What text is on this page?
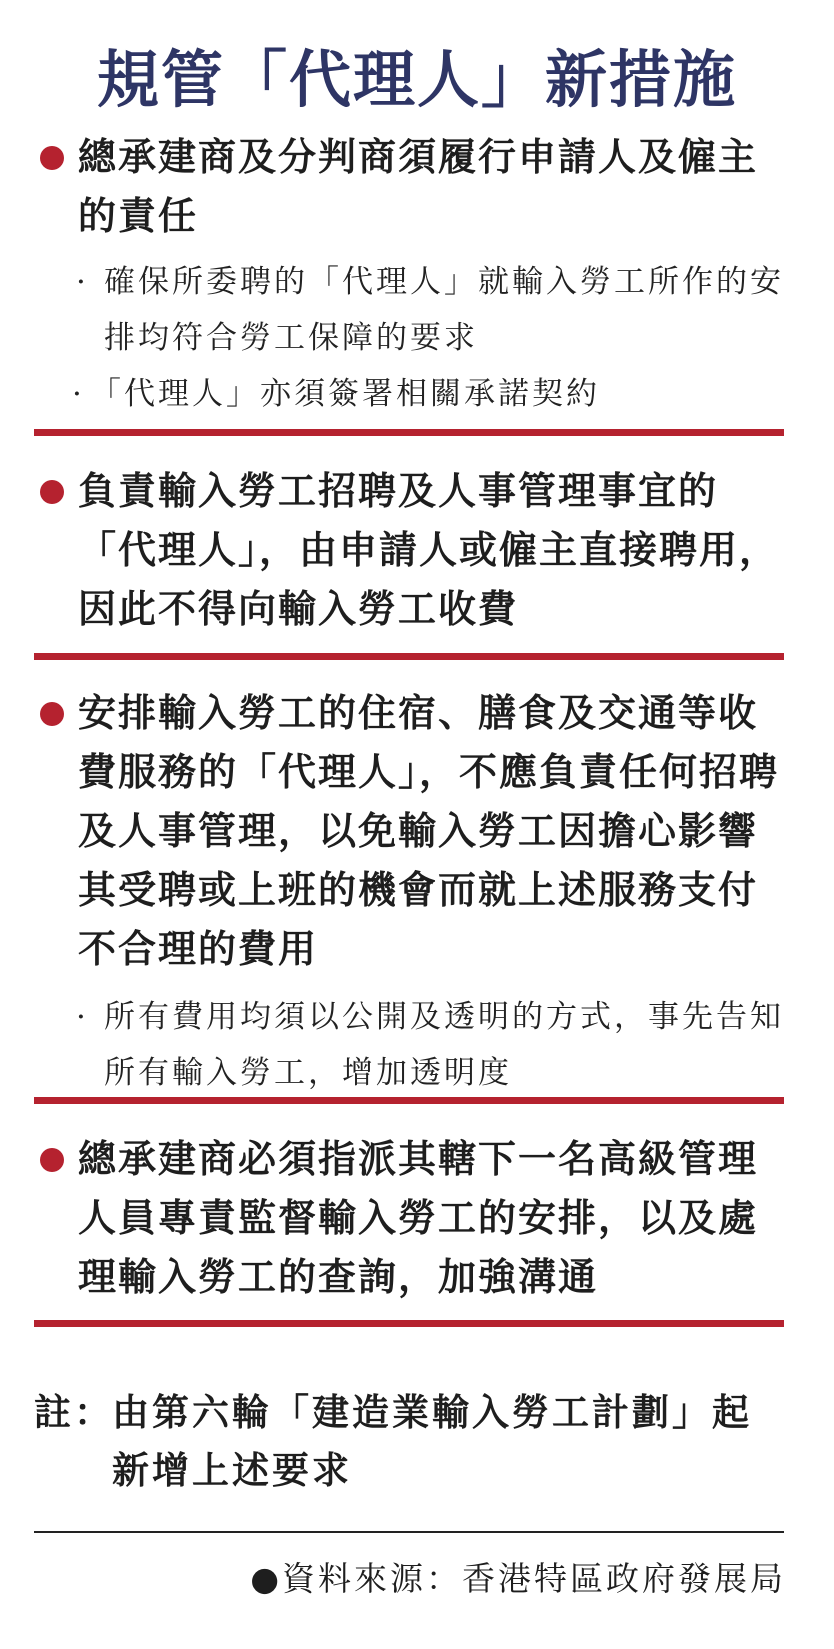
規管「代理人」新措施
總承建商及分判商須履行申請人及僱主的責任
· 確保所委聘的「代理人」就輸入勞工所作的安排均符合勞工保障的要求
· 「代理人」亦須簽署相關承諾契約
負責輸入勞工招聘及人事管理事宜的「代理人」，由申請人或僱主直接聘用，因此不得向輸入勞工收費
安排輸入勞工的住宿、膳食及交通等收費服務的「代理人」，不應負責任何招聘及人事管理，以免輸入勞工因擔心影響其受聘或上班的機會而就上述服務支付不合理的費用
· 所有費用均須以公開及透明的方式，事先告知所有輸入勞工，增加透明度
總承建商必須指派其轄下一名高級管理人員專責監督輸入勞工的安排，以及處理輸入勞工的查詢，加強溝通
註：
由第六輪「建造業輸入勞工計劃」起新增上述要求
●資料來源：香港特區政府發展局
